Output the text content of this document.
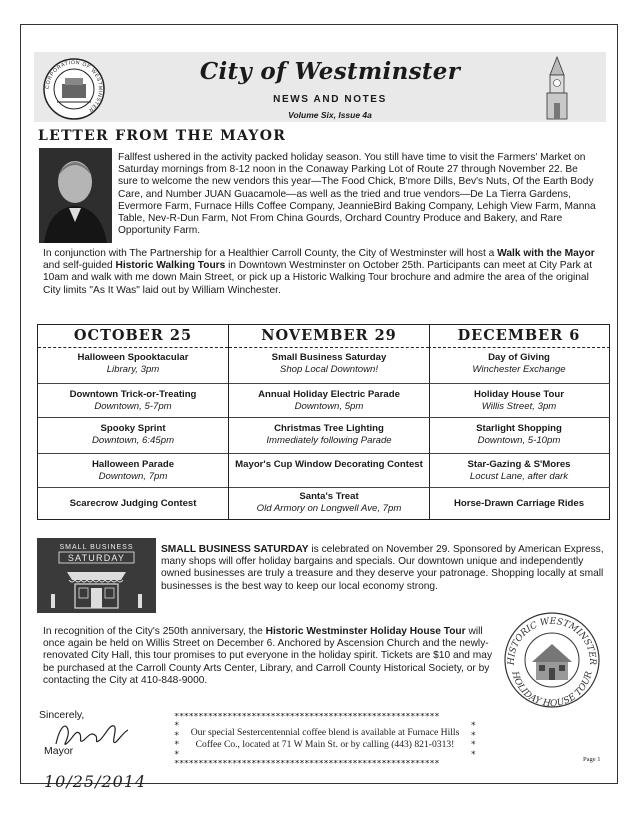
CORPORATION OF WESTMINSTER
City of Westminster
NEWS AND NOTES
Volume Six, Issue 4a
LETTER FROM THE MAYOR
Fallfest ushered in the activity packed holiday season. You still have time to visit the Farmers' Market on Saturday mornings from 8-12 noon in the Conaway Parking Lot of Route 27 through November 22. Be sure to welcome the new vendors this year—The Food Chick, B'more Dills, Bev's Nuts, Of the Earth Body Care, and Number JUAN Guacamole—as well as the tried and true vendors—De La Tierra Gardens, Evermore Farm, Furnace Hills Coffee Company, JeannieBird Baking Company, Lehigh View Farm, Manna Table, Nev-R-Dun Farm, Not From China Gourds, Orchard Country Produce and Bakery, and Rare Opportunity Farm.
In conjunction with The Partnership for a Healthier Carroll County, the City of Westminster will host a Walk with the Mayor and self-guided Historic Walking Tours in Downtown Westminster on October 25th. Participants can meet at City Park at 10am and walk with me down Main Street, or pick up a Historic Walking Tour brochure and admire the area of the original City limits "As It Was" laid out by William Winchester.
OCTOBER 25
Halloween Spooktacular
Library, 3pm
Downtown Trick-or-Treating
Downtown, 5-7pm
Spooky Sprint
Downtown, 6:45pm
Halloween Parade
Downtown, 7pm
Scarecrow Judging Contest
NOVEMBER 29
Small Business Saturday
Shop Local Downtown!
Annual Holiday Electric Parade
Downtown, 5pm
Christmas Tree Lighting
Immediately following Parade
Mayor's Cup Window Decorating Contest
Santa's Treat
Old Armory on Longwell Ave, 7pm
DECEMBER 6
Day of Giving
Winchester Exchange
Holiday House Tour
Willis Street, 3pm
Starlight Shopping
Downtown, 5-10pm
Star-Gazing & S'Mores
Locust Lane, after dark
Horse-Drawn Carriage Rides
SMALL BUSINESS
SATURDAY
SMALL BUSINESS SATURDAY is celebrated on November 29. Sponsored by American Express, many shops will offer holiday bargains and specials. Our downtown unique and independently owned businesses are truly a treasure and they deserve your patronage. Shopping locally at small businesses is the best way to keep our local economy strong.
In recognition of the City's 250th anniversary, the Historic Westminster Holiday House Tour will once again be held on Willis Street on December 6. Anchored by Ascension Church and the newly-renovated City Hall, this tour promises to put everyone in the holiday spirit. Tickets are $10 and may be purchased at the Carroll County Arts Center, Library, and Carroll County Historical Society, or by contacting the City at 410-848-9000.
HISTORIC WESTMINSTER
HOLIDAY HOUSE TOUR
Sincerely,
Mayor
*******************************************************
*
*
*
*
*
*
*
*
Our special Sestercentennial coffee blend is available at Furnace Hills
Coffee Co., located at 71 W Main St. or by calling (443) 821-0313!
*******************************************************	Page 1
10/25/2014
